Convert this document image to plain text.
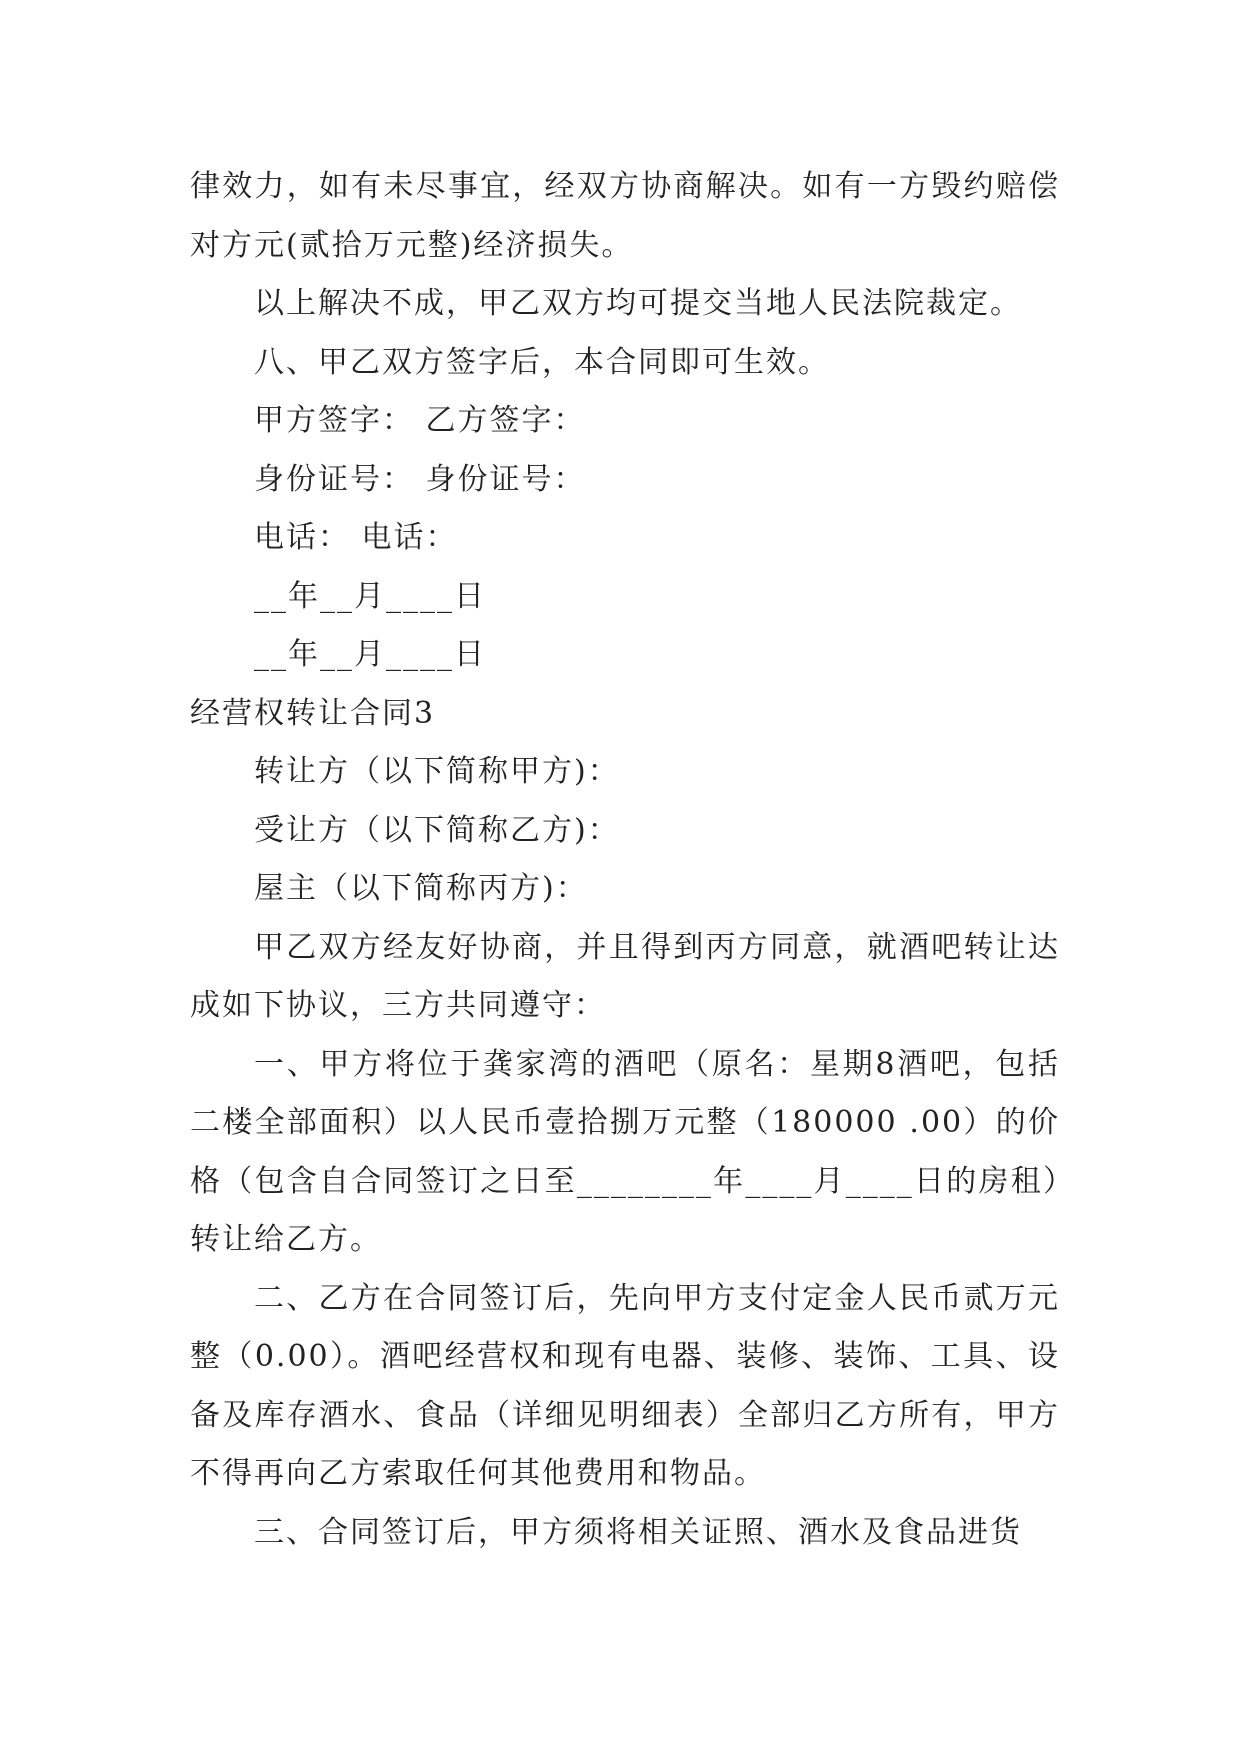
律效力，如有未尽事宜，经双方协商解决。如有一方毁约赔偿对方元(贰拾万元整)经济损失。

以上解决不成，甲乙双方均可提交当地人民法院裁定。

八、甲乙双方签字后，本合同即可生效。

甲方签字： 乙方签字：

身份证号： 身份证号：

电话： 电话：

__年__月____日

__年__月____日

经营权转让合同3

转让方（以下简称甲方)：

受让方（以下简称乙方)：

屋主（以下简称丙方)：

甲乙双方经友好协商，并且得到丙方同意，就酒吧转让达成如下协议，三方共同遵守：

一、甲方将位于龚家湾的酒吧（原名：星期8酒吧，包括二楼全部面积）以人民币壹拾捌万元整（180000 .00）的价格（包含自合同签订之日至________年____月____日的房租）转让给乙方。

二、乙方在合同签订后，先向甲方支付定金人民币贰万元整（0.00）。酒吧经营权和现有电器、装修、装饰、工具、设备及库存酒水、食品（详细见明细表）全部归乙方所有，甲方不得再向乙方索取任何其他费用和物品。

三、合同签订后，甲方须将相关证照、酒水及食品进货
